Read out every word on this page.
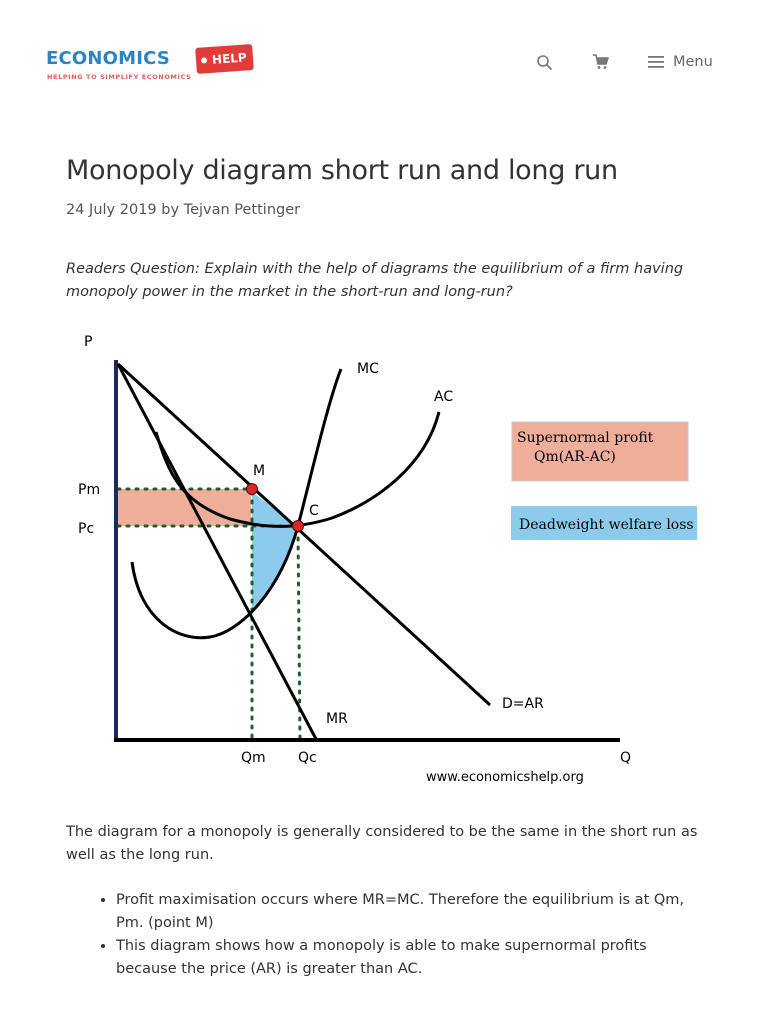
ECONOMICS	HELP
HELPING TO SIMPLIFY ECONOMICS
Menu
Monopoly diagram short run and long run
24 July 2019 by Tejvan Pettinger

Readers Question: Explain with the help of diagrams the equilibrium of a firm having monopoly power in the market in the short-run and long-run?

P
Q
Pm
Pc
Qm Qc
MC
AC
MR
D=AR
M
C
Supernormal profit
Qm(AR-AC)
Deadweight welfare loss
www.economicshelp.org

The diagram for a monopoly is generally considered to be the same in the short run as well as the long run.

• Profit maximisation occurs where MR=MC. Therefore the equilibrium is at Qm, Pm. (point M)
• This diagram shows how a monopoly is able to make supernormal profits because the price (AR) is greater than AC.
